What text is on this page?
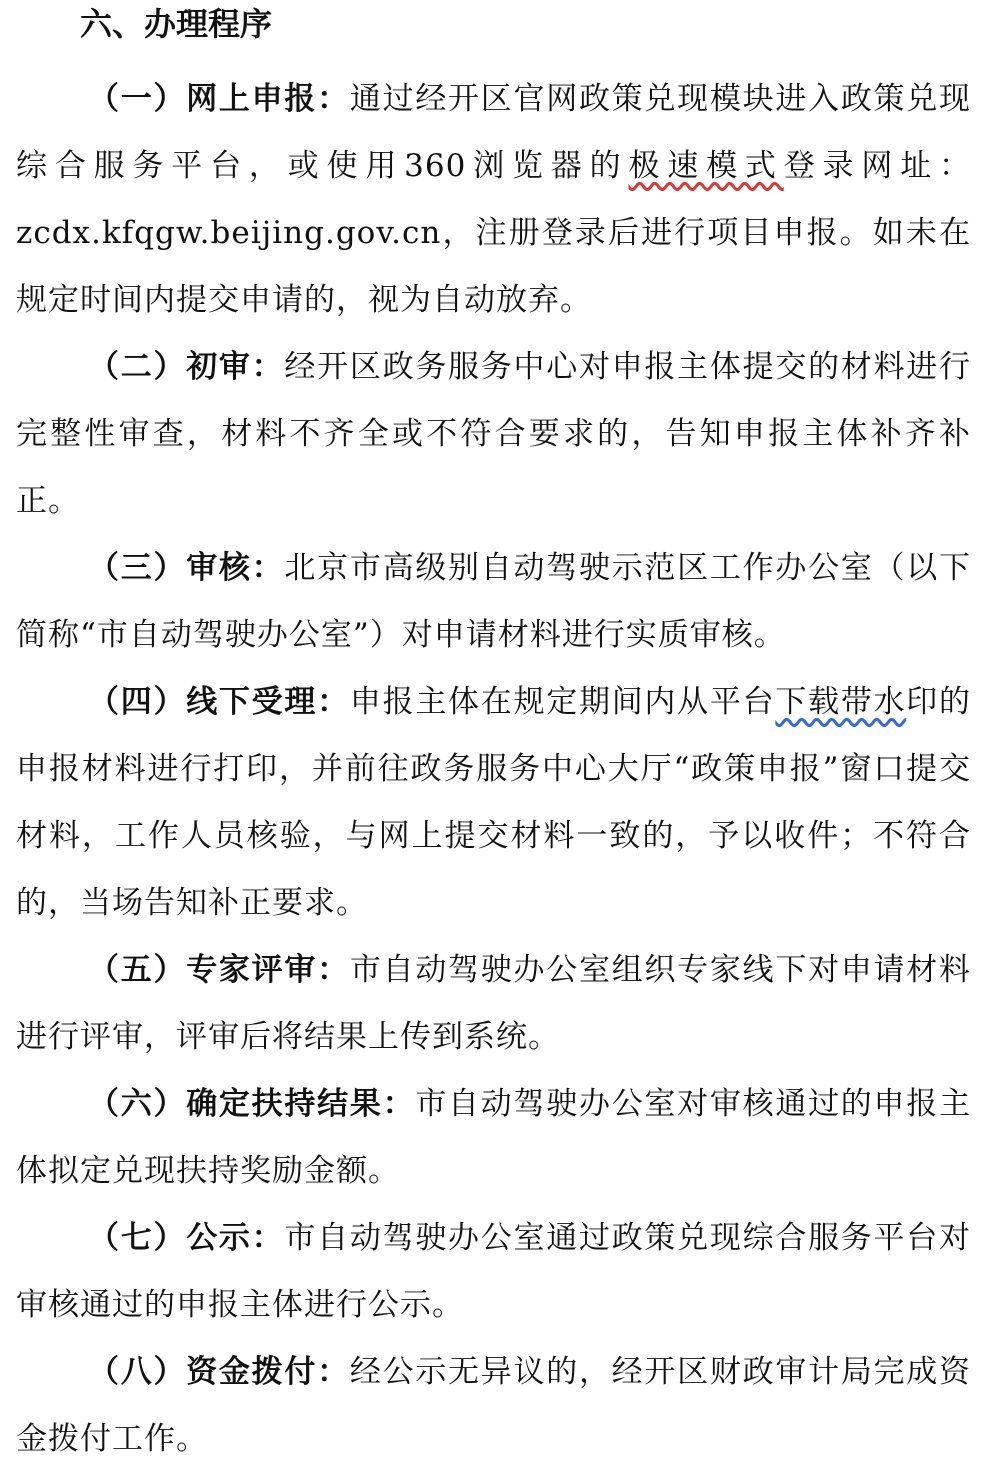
六、办理程序

（一）网上申报：通过经开区官网政策兑现模块进入政策兑现综合服务平台，或使用360浏览器的极速模式登录网址：zcdx.kfqgw.beijing.gov.cn，注册登录后进行项目申报。如未在规定时间内提交申请的，视为自动放弃。

（二）初审：经开区政务服务中心对申报主体提交的材料进行完整性审查，材料不齐全或不符合要求的，告知申报主体补齐补正。

（三）审核：北京市高级别自动驾驶示范区工作办公室（以下简称“市自动驾驶办公室”）对申请材料进行实质审核。

（四）线下受理：申报主体在规定期间内从平台下载带水印的申报材料进行打印，并前往政务服务中心大厅“政策申报”窗口提交材料，工作人员核验，与网上提交材料一致的，予以收件；不符合的，当场告知补正要求。

（五）专家评审：市自动驾驶办公室组织专家线下对申请材料进行评审，评审后将结果上传到系统。

（六）确定扶持结果：市自动驾驶办公室对审核通过的申报主体拟定兑现扶持奖励金额。

（七）公示：市自动驾驶办公室通过政策兑现综合服务平台对审核通过的申报主体进行公示。

（八）资金拨付：经公示无异议的，经开区财政审计局完成资金拨付工作。
